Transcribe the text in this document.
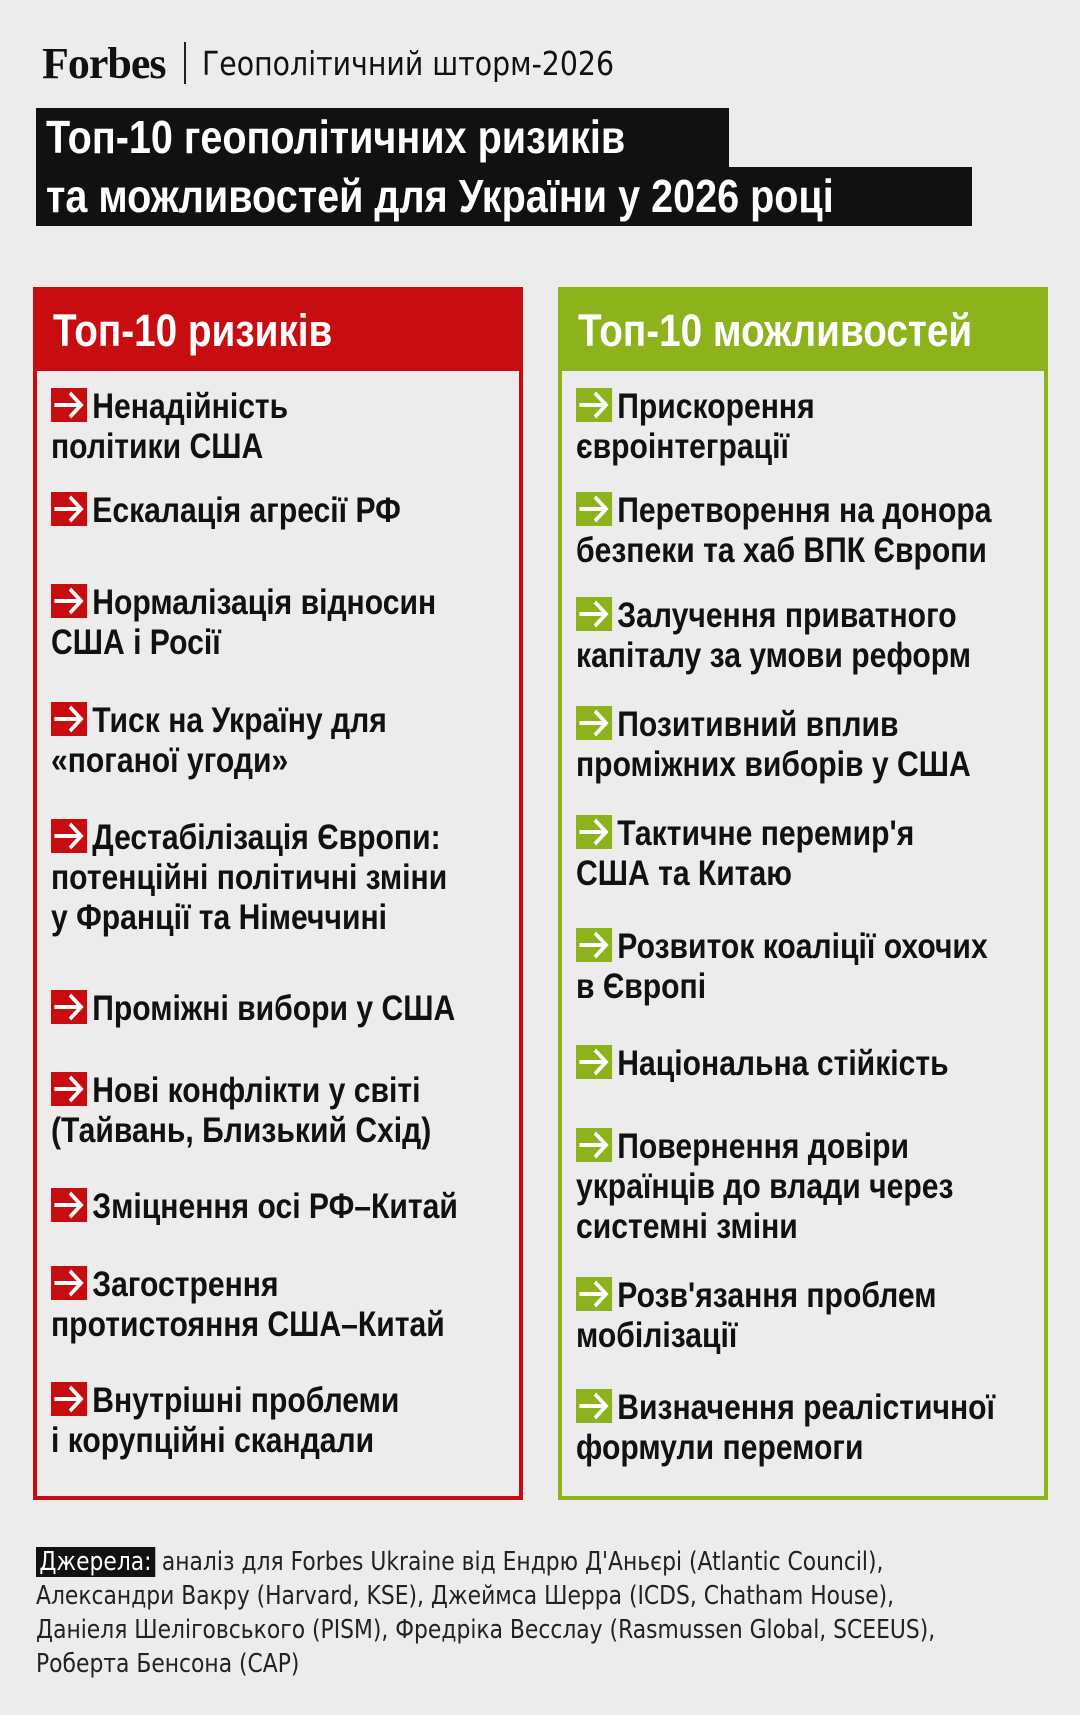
Forbes Геополітичний шторм-2026
Топ-10 геополітичних ризиків
та можливостей для України у 2026 році
Топ-10 ризиків
Ненадійність
політики США
Ескалація агресії РФ
Нормалізація відносин
США і Росії
Тиск на Україну для
«поганої угоди»
Дестабілізація Європи:
потенційні політичні зміни
у Франції та Німеччині
Проміжні вибори у США
Нові конфлікти у світі
(Тайвань, Близький Схід)
Зміцнення осі РФ–Китай
Загострення
протистояння США–Китай
Внутрішні проблеми
і корупційні скандали
Топ-10 можливостей
Прискорення
євроінтеграції
Перетворення на донора
безпеки та хаб ВПК Європи
Залучення приватного
капіталу за умови реформ
Позитивний вплив
проміжних виборів у США
Тактичне перемир'я
США та Китаю
Розвиток коаліції охочих
в Європі
Національна стійкість
Повернення довіри
українців до влади через
системні зміни
Розв'язання проблем
мобілізації
Визначення реалістичної
формули перемоги
Джерела: аналіз для Forbes Ukraine від Ендрю Д'Аньєрі (Atlantic Council),
Александри Вакру (Harvard, KSE), Джеймса Шерра (ICDS, Chatham House),
Даніеля Шеліговського (PISM), Фредріка Весслау (Rasmussen Global, SCEEUS),
Роберта Бенсона (CAP)
